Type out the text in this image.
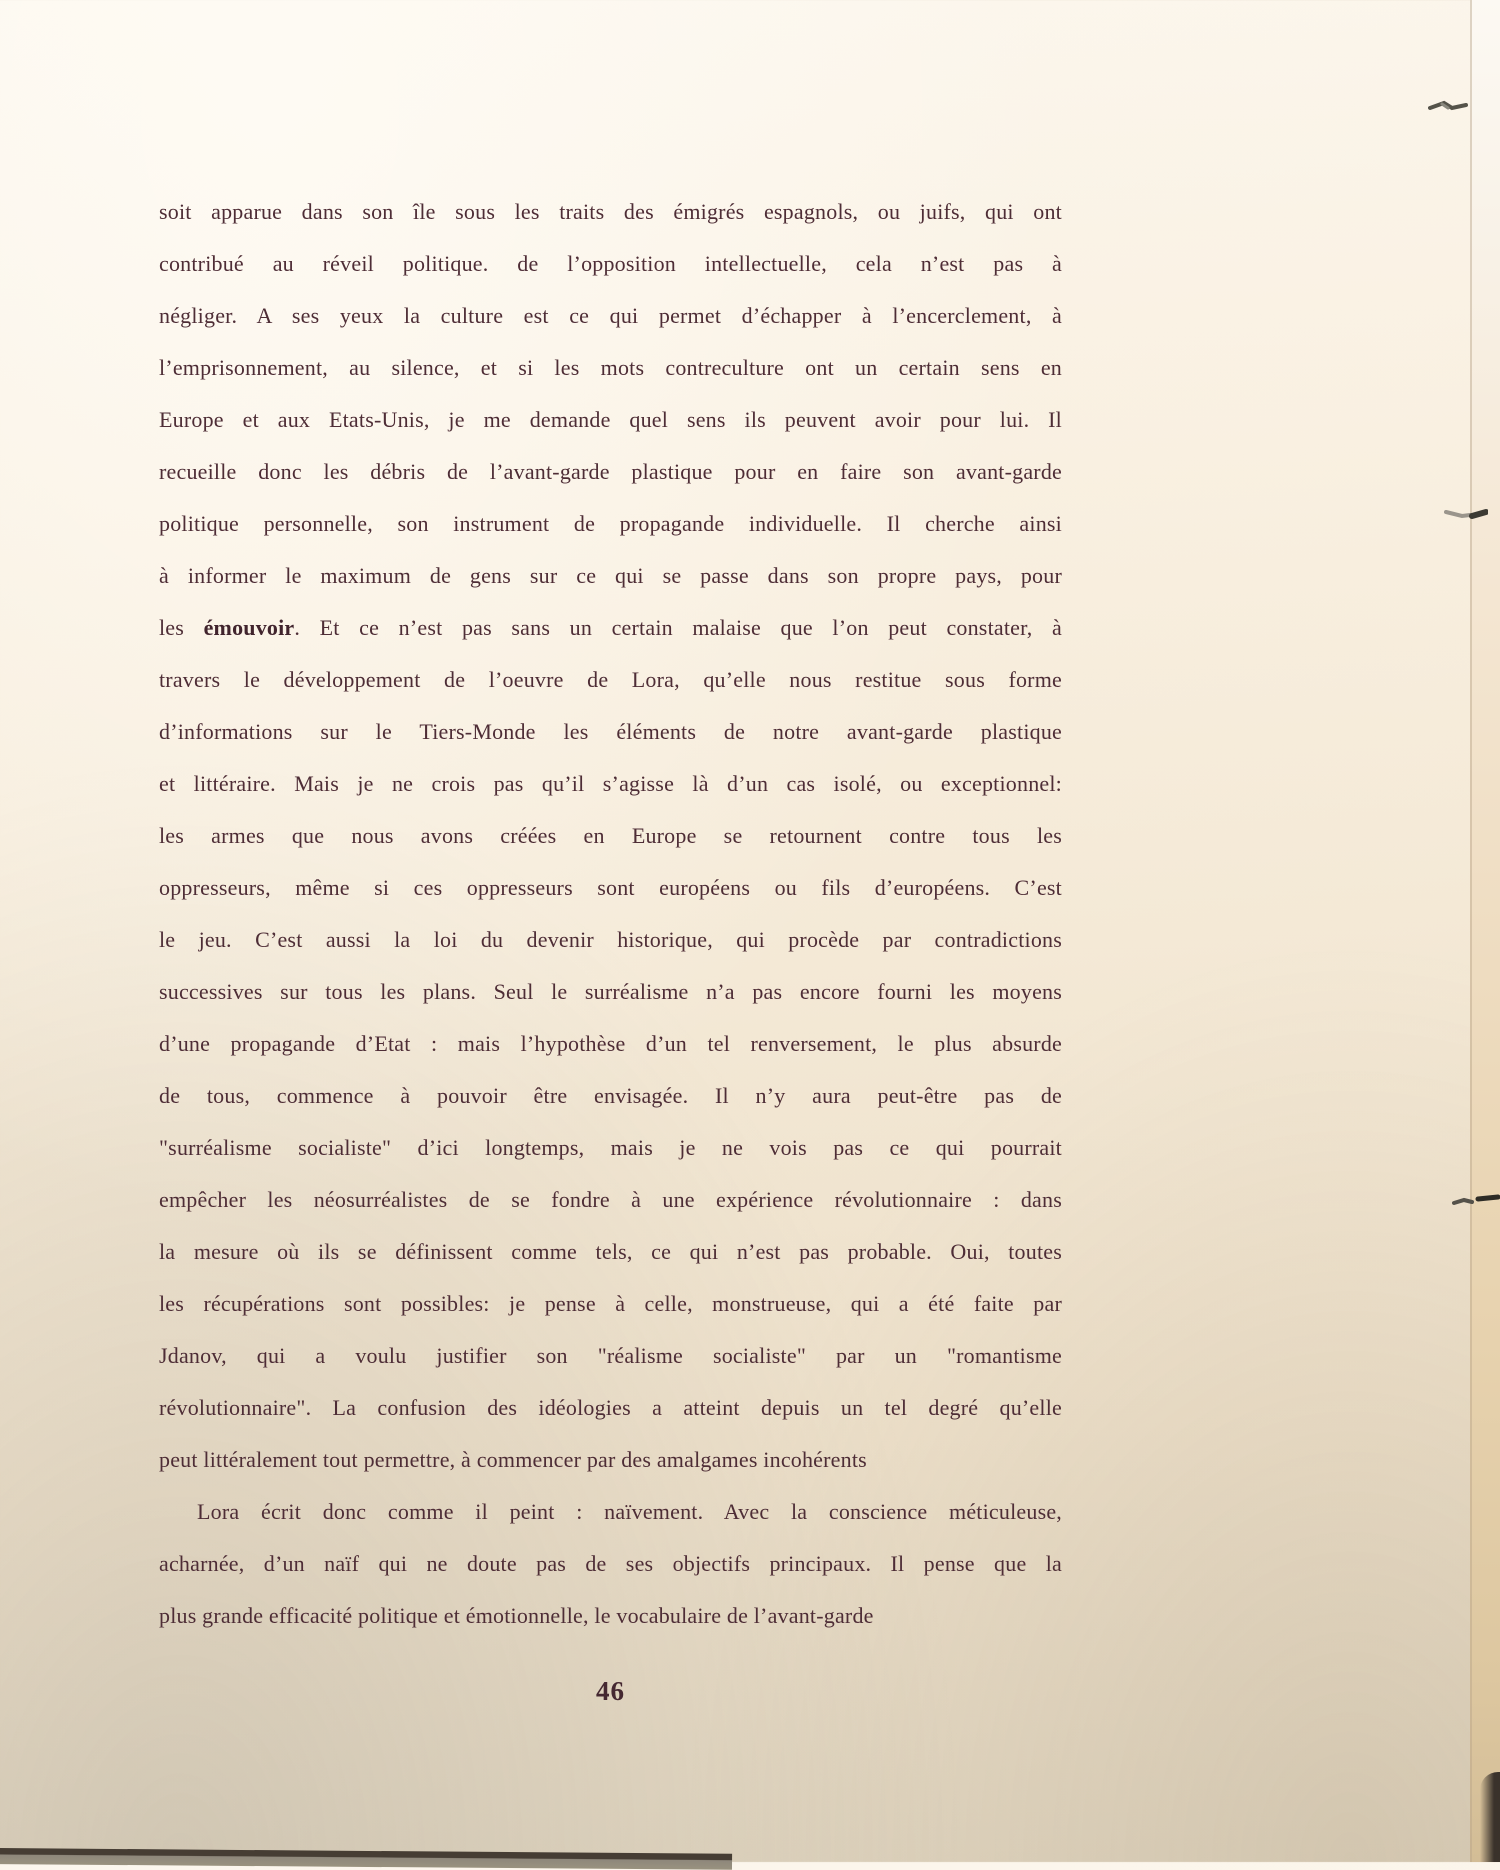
soit apparue dans son île sous les traits des émigrés espagnols, ou juifs, qui ont
contribué au réveil politique. de l’opposition intellectuelle, cela n’est pas à
négliger. A ses yeux la culture est ce qui permet d’échapper à l’encerclement, à
l’emprisonnement, au silence, et si les mots contreculture ont un certain sens en
Europe et aux Etats-Unis, je me demande quel sens ils peuvent avoir pour lui. Il
recueille donc les débris de l’avant-garde plastique pour en faire son avant-garde
politique personnelle, son instrument de propagande individuelle. Il cherche ainsi
à informer le maximum de gens sur ce qui se passe dans son propre pays, pour
les émouvoir. Et ce n’est pas sans un certain malaise que l’on peut constater, à
travers le développement de l’oeuvre de Lora, qu’elle nous restitue sous forme
d’informations sur le Tiers-Monde les éléments de notre avant-garde plastique
et littéraire. Mais je ne crois pas qu’il s’agisse là d’un cas isolé, ou exceptionnel:
les armes que nous avons créées en Europe se retournent contre tous les
oppresseurs, même si ces oppresseurs sont européens ou fils d’européens. C’est
le jeu. C’est aussi la loi du devenir historique, qui procède par contradictions
successives sur tous les plans. Seul le surréalisme n’a pas encore fourni les moyens
d’une propagande d’Etat : mais l’hypothèse d’un tel renversement, le plus absurde
de tous, commence à pouvoir être envisagée. Il n’y aura peut-être pas de
"surréalisme socialiste" d’ici longtemps, mais je ne vois pas ce qui pourrait
empêcher les néosurréalistes de se fondre à une expérience révolutionnaire : dans
la mesure où ils se définissent comme tels, ce qui n’est pas probable. Oui, toutes
les récupérations sont possibles: je pense à celle, monstrueuse, qui a été faite par
Jdanov, qui a voulu justifier son "réalisme socialiste" par un "romantisme
révolutionnaire". La confusion des idéologies a atteint depuis un tel degré qu’elle
peut littéralement tout permettre, à commencer par des amalgames incohérents
Lora écrit donc comme il peint : naïvement. Avec la conscience méticuleuse,
acharnée, d’un naïf qui ne doute pas de ses objectifs principaux. Il pense que la
plus grande efficacité politique et émotionnelle, le vocabulaire de l’avant-garde
46
